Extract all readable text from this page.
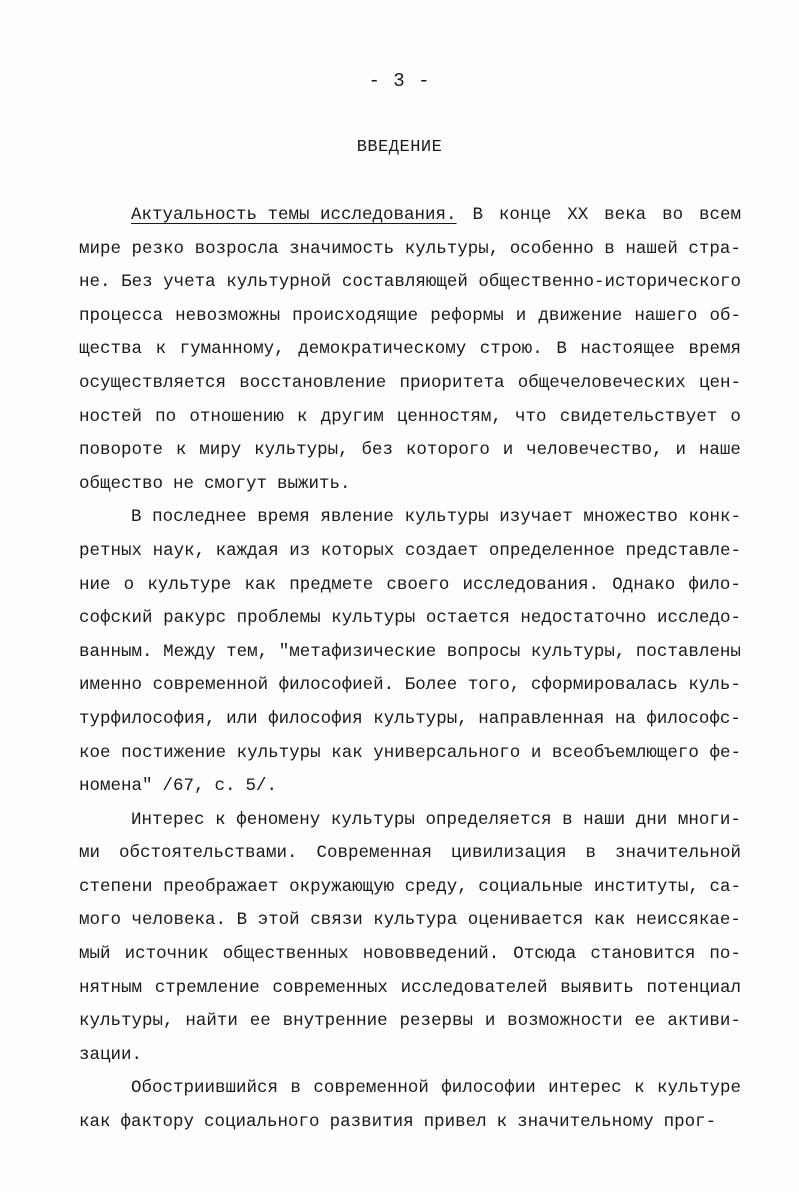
- 3 -
ВВЕДЕНИЕ
Актуальность темы исследования. В конце XX века во всем
мире резко возросла значимость культуры, особенно в нашей стра-
не. Без учета культурной составляющей общественно-исторического
процесса невозможны происходящие реформы и движение нашего об-
щества к гуманному, демократическому строю. В настоящее время
осуществляется восстановление приоритета общечеловеческих цен-
ностей по отношению к другим ценностям, что свидетельствует о
повороте к миру культуры, без которого и человечество, и наше
общество не смогут выжить.
В последнее время явление культуры изучает множество конк-
ретных наук, каждая из которых создает определенное представле-
ние о культуре как предмете своего исследования. Однако фило-
софский ракурс проблемы культуры остается недостаточно исследо-
ванным. Между тем, "метафизические вопросы культуры, поставлены
именно современной философией. Более того, сформировалась куль-
турфилософия, или философия культуры, направленная на философс-
кое постижение культуры как универсального и всеобъемлющего фе-
номена" /67, с. 5/.
Интерес к феномену культуры определяется в наши дни многи-
ми обстоятельствами. Современная цивилизация в значительной
степени преображает окружающую среду, социальные институты, са-
мого человека. В этой связи культура оценивается как неиссякае-
мый источник общественных нововведений. Отсюда становится по-
нятным стремление современных исследователей выявить потенциал
культуры, найти ее внутренние резервы и возможности ее активи-
зации.
Обостриившийся в современной философии интерес к культуре
как фактору социального развития привел к значительному прог-
